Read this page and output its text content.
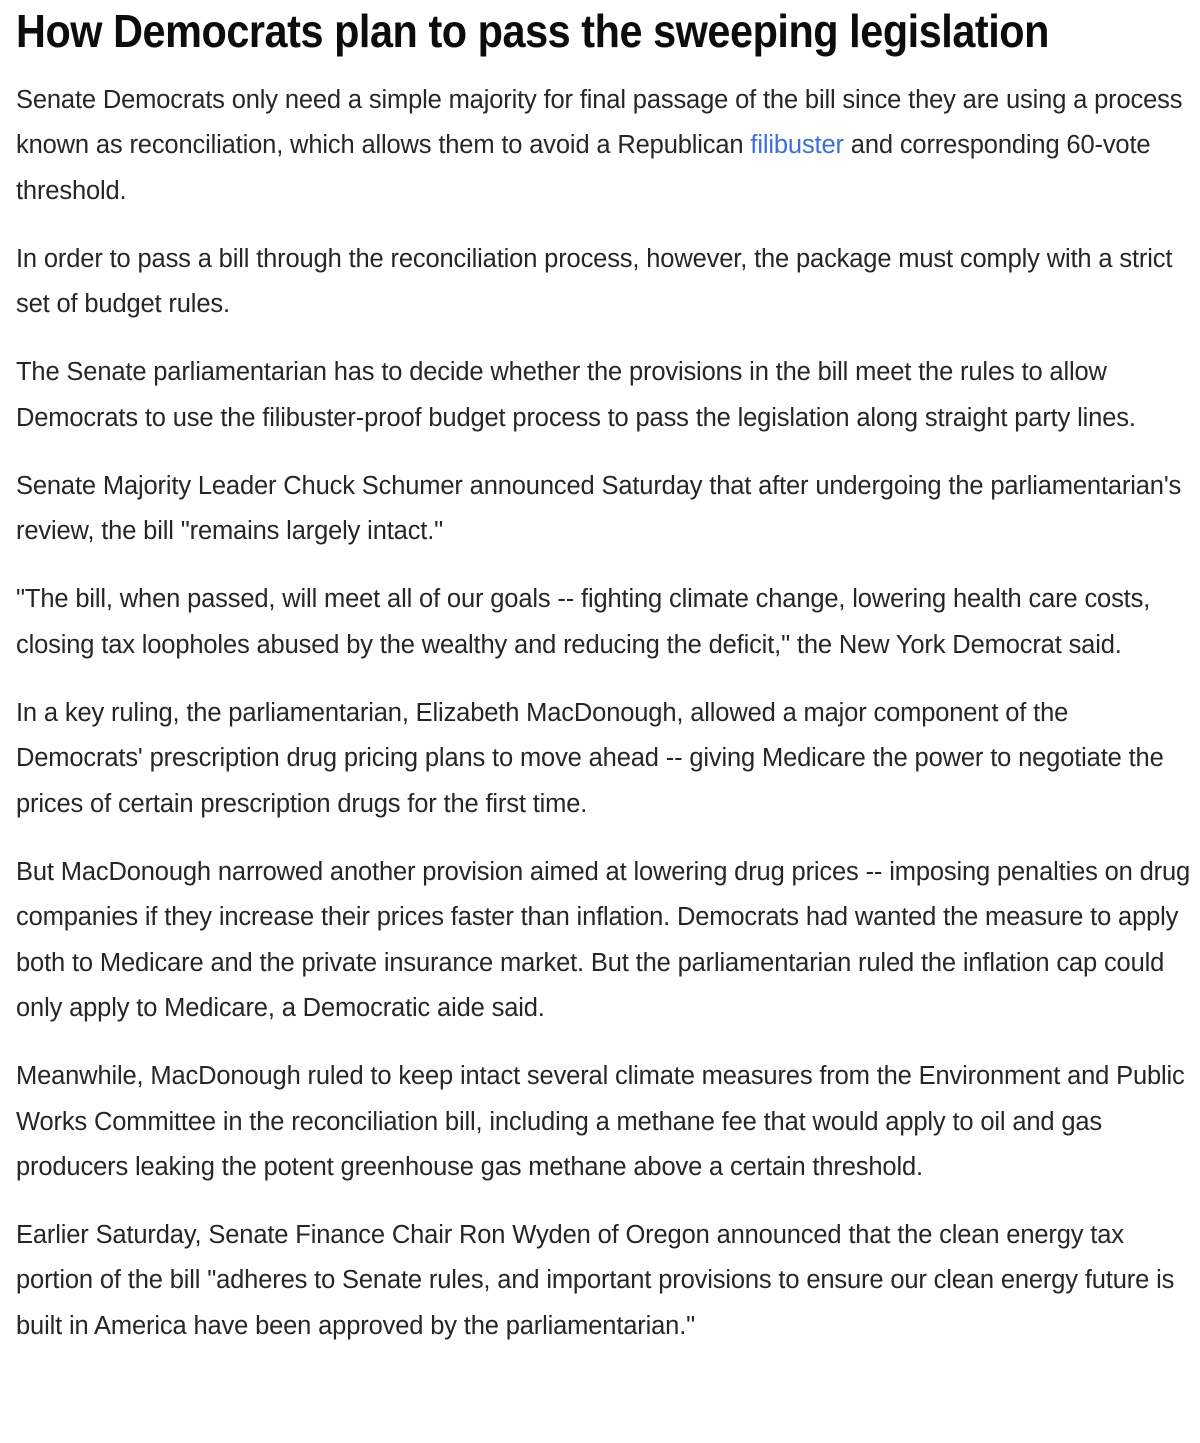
How Democrats plan to pass the sweeping legislation

Senate Democrats only need a simple majority for final passage of the bill since they are using a process known as reconciliation, which allows them to avoid a Republican filibuster and corresponding 60-vote threshold.

In order to pass a bill through the reconciliation process, however, the package must comply with a strict set of budget rules.

The Senate parliamentarian has to decide whether the provisions in the bill meet the rules to allow Democrats to use the filibuster-proof budget process to pass the legislation along straight party lines.

Senate Majority Leader Chuck Schumer announced Saturday that after undergoing the parliamentarian's review, the bill "remains largely intact."

"The bill, when passed, will meet all of our goals -- fighting climate change, lowering health care costs, closing tax loopholes abused by the wealthy and reducing the deficit," the New York Democrat said.

In a key ruling, the parliamentarian, Elizabeth MacDonough, allowed a major component of the Democrats' prescription drug pricing plans to move ahead -- giving Medicare the power to negotiate the prices of certain prescription drugs for the first time.

But MacDonough narrowed another provision aimed at lowering drug prices -- imposing penalties on drug companies if they increase their prices faster than inflation. Democrats had wanted the measure to apply both to Medicare and the private insurance market. But the parliamentarian ruled the inflation cap could only apply to Medicare, a Democratic aide said.

Meanwhile, MacDonough ruled to keep intact several climate measures from the Environment and Public Works Committee in the reconciliation bill, including a methane fee that would apply to oil and gas producers leaking the potent greenhouse gas methane above a certain threshold.

Earlier Saturday, Senate Finance Chair Ron Wyden of Oregon announced that the clean energy tax portion of the bill "adheres to Senate rules, and important provisions to ensure our clean energy future is built in America have been approved by the parliamentarian."
